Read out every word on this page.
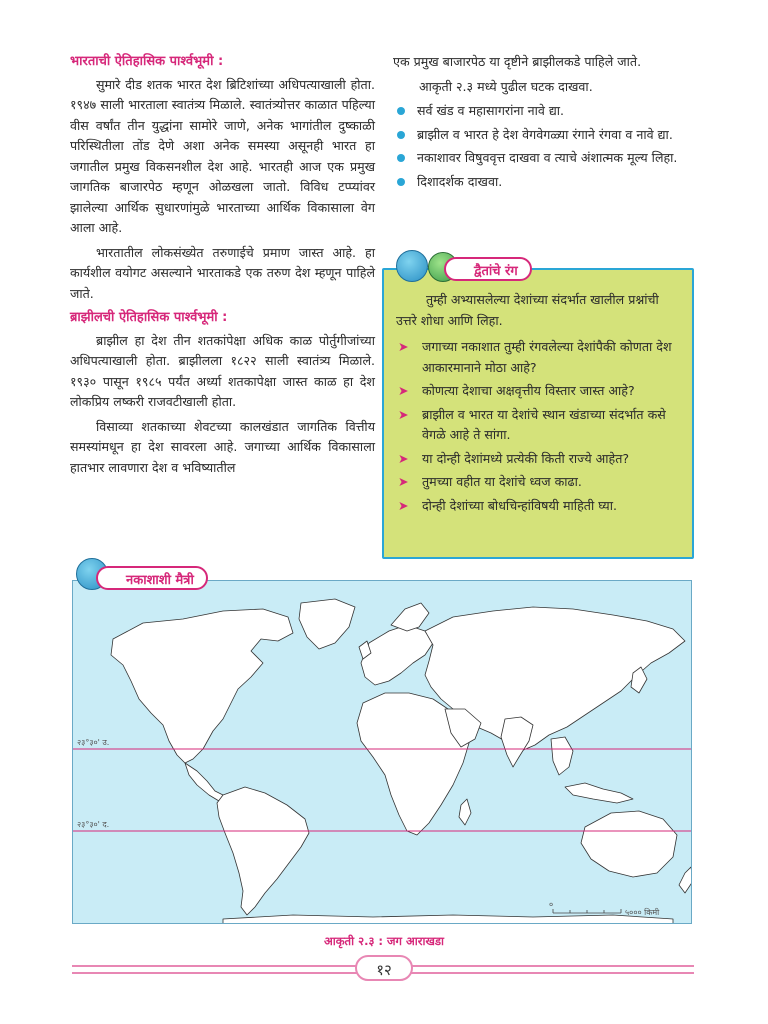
भारताची ऐतिहासिक पार्श्वभूमी :

सुमारे दीड शतक भारत देश ब्रिटिशांच्या अधिपत्याखाली होता. १९४७ साली भारताला स्वातंत्र्य मिळाले. स्वातंत्र्योत्तर काळात पहिल्या वीस वर्षांत तीन युद्धांना सामोरे जाणे, अनेक भागांतील दुष्काळी परिस्थितीला तोंड देणे अशा अनेक समस्या असूनही भारत हा जगातील प्रमुख विकसनशील देश आहे. भारतही आज एक प्रमुख जागतिक बाजारपेठ म्हणून ओळखला जातो. विविध टप्प्यांवर झालेल्या आर्थिक सुधारणांमुळे भारताच्या आर्थिक विकासाला वेग आला आहे.

भारतातील लोकसंख्येत तरुणाईचे प्रमाण जास्त आहे. हा कार्यशील वयोगट असल्याने भारताकडे एक तरुण देश म्हणून पाहिले जाते.

ब्राझीलची ऐतिहासिक पार्श्वभूमी :

ब्राझील हा देश तीन शतकांपेक्षा अधिक काळ पोर्तुगीजांच्या अधिपत्याखाली होता. ब्राझीलला १८२२ साली स्वातंत्र्य मिळाले. १९३० पासून १९८५ पर्यंत अर्ध्या शतकापेक्षा जास्त काळ हा देश लोकप्रिय लष्करी राजवटीखाली होता.

विसाव्या शतकाच्या शेवटच्या कालखंडात जागतिक वित्तीय समस्यांमधून हा देश सावरला आहे. जगाच्या आर्थिक विकासाला हातभार लावणारा देश व भविष्यातील

एक प्रमुख बाजारपेठ या दृष्टीने ब्राझीलकडे पाहिले जाते.

आकृती २.३ मध्ये पुढील घटक दाखवा.

सर्व खंड व महासागरांना नावे द्या.
ब्राझील व भारत हे देश वेगवेगळ्या रंगाने रंगवा व नावे द्या.
नकाशावर विषुववृत्त दाखवा व त्याचे अंशात्मक मूल्य लिहा.
दिशादर्शक दाखवा.

तुम्ही अभ्यासलेल्या देशांच्या संदर्भात खालील प्रश्नांची उत्तरे शोधा आणि लिहा.

➤ जगाच्या नकाशात तुम्ही रंगवलेल्या देशांपैकी कोणता देश आकारमानाने मोठा आहे?
➤ कोणत्या देशाचा अक्षवृत्तीय विस्तार जास्त आहे?
➤ ब्राझील व भारत या देशांचे स्थान खंडाच्या संदर्भात कसे वेगळे आहे ते सांगा.
➤ या दोन्ही देशांमध्ये प्रत्येकी किती राज्ये आहेत?
➤ तुमच्या वहीत या देशांचे ध्वज काढा.
➤ दोन्ही देशांच्या बोधचिन्हांविषयी माहिती घ्या.
द्वैतांचे रंग
२३°३०' उ.
२३°३०' द.
०
५००० किमी
नकाशाशी मैत्री
आकृती २.३ : जग आराखडा
१२
